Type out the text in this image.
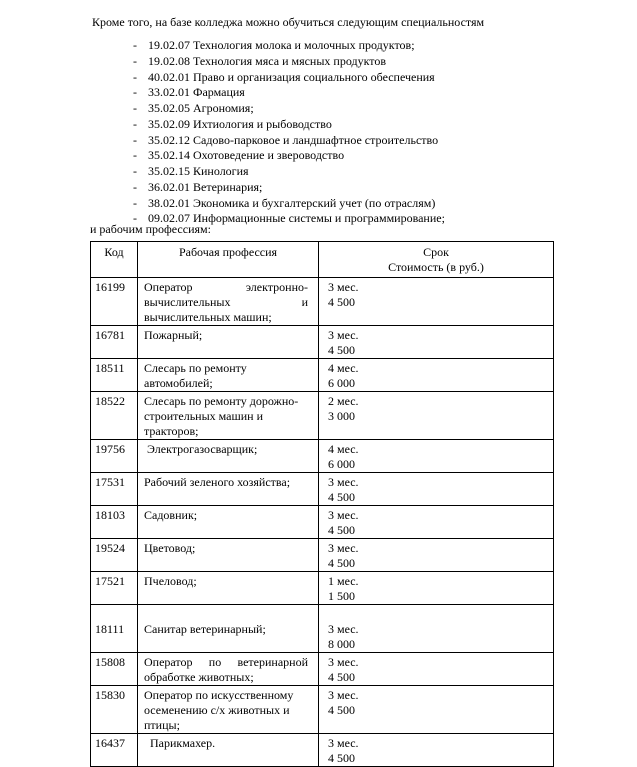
Кроме того, на базе колледжа можно обучиться следующим специальностям
- 19.02.07 Технология молока и молочных продуктов;
- 19.02.08 Технология мяса и мясных продуктов
- 40.02.01 Право и организация социального обеспечения
- 33.02.01 Фармация
- 35.02.05 Агрономия;
- 35.02.09 Ихтиология и рыбоводство
- 35.02.12 Садово-парковое и ландшафтное строительство
- 35.02.14 Охотоведение и звероводство
- 35.02.15 Кинология
- 36.02.01 Ветеринария;
- 38.02.01 Экономика и бухгалтерский учет (по отраслям)
- 09.02.07 Информационные системы и программирование;
и рабочим профессиям:
Код	Рабочая профессия	Срок
Стоимость (в руб.)

16199	Оператор электронно-вычислительных и вычислительных машин;	3 мес.
4 500

16781	Пожарный;	3 мес.
4 500

18511	Слесарь по ремонту автомобилей;	4 мес.
6 000

18522	Слесарь по ремонту дорожно-строительных машин и тракторов;	2 мес.
3 000

19756	Электрогазосварщик;	4 мес.
6 000

17531	Рабочий зеленого хозяйства;	3 мес.
4 500

18103	Садовник;	3 мес.
4 500

19524	Цветовод;	3 мес.
4 500

17521	Пчеловод;	1 мес.
1 500

18111	Санитар ветеринарный;	3 мес.
8 000

15808	Оператор по ветеринарной обработке животных;	3 мес.
4 500

15830	Оператор по искусственному осеменению с/х животных и птицы;	3 мес.
4 500

16437	Парикмахер.	3 мес.
4 500
